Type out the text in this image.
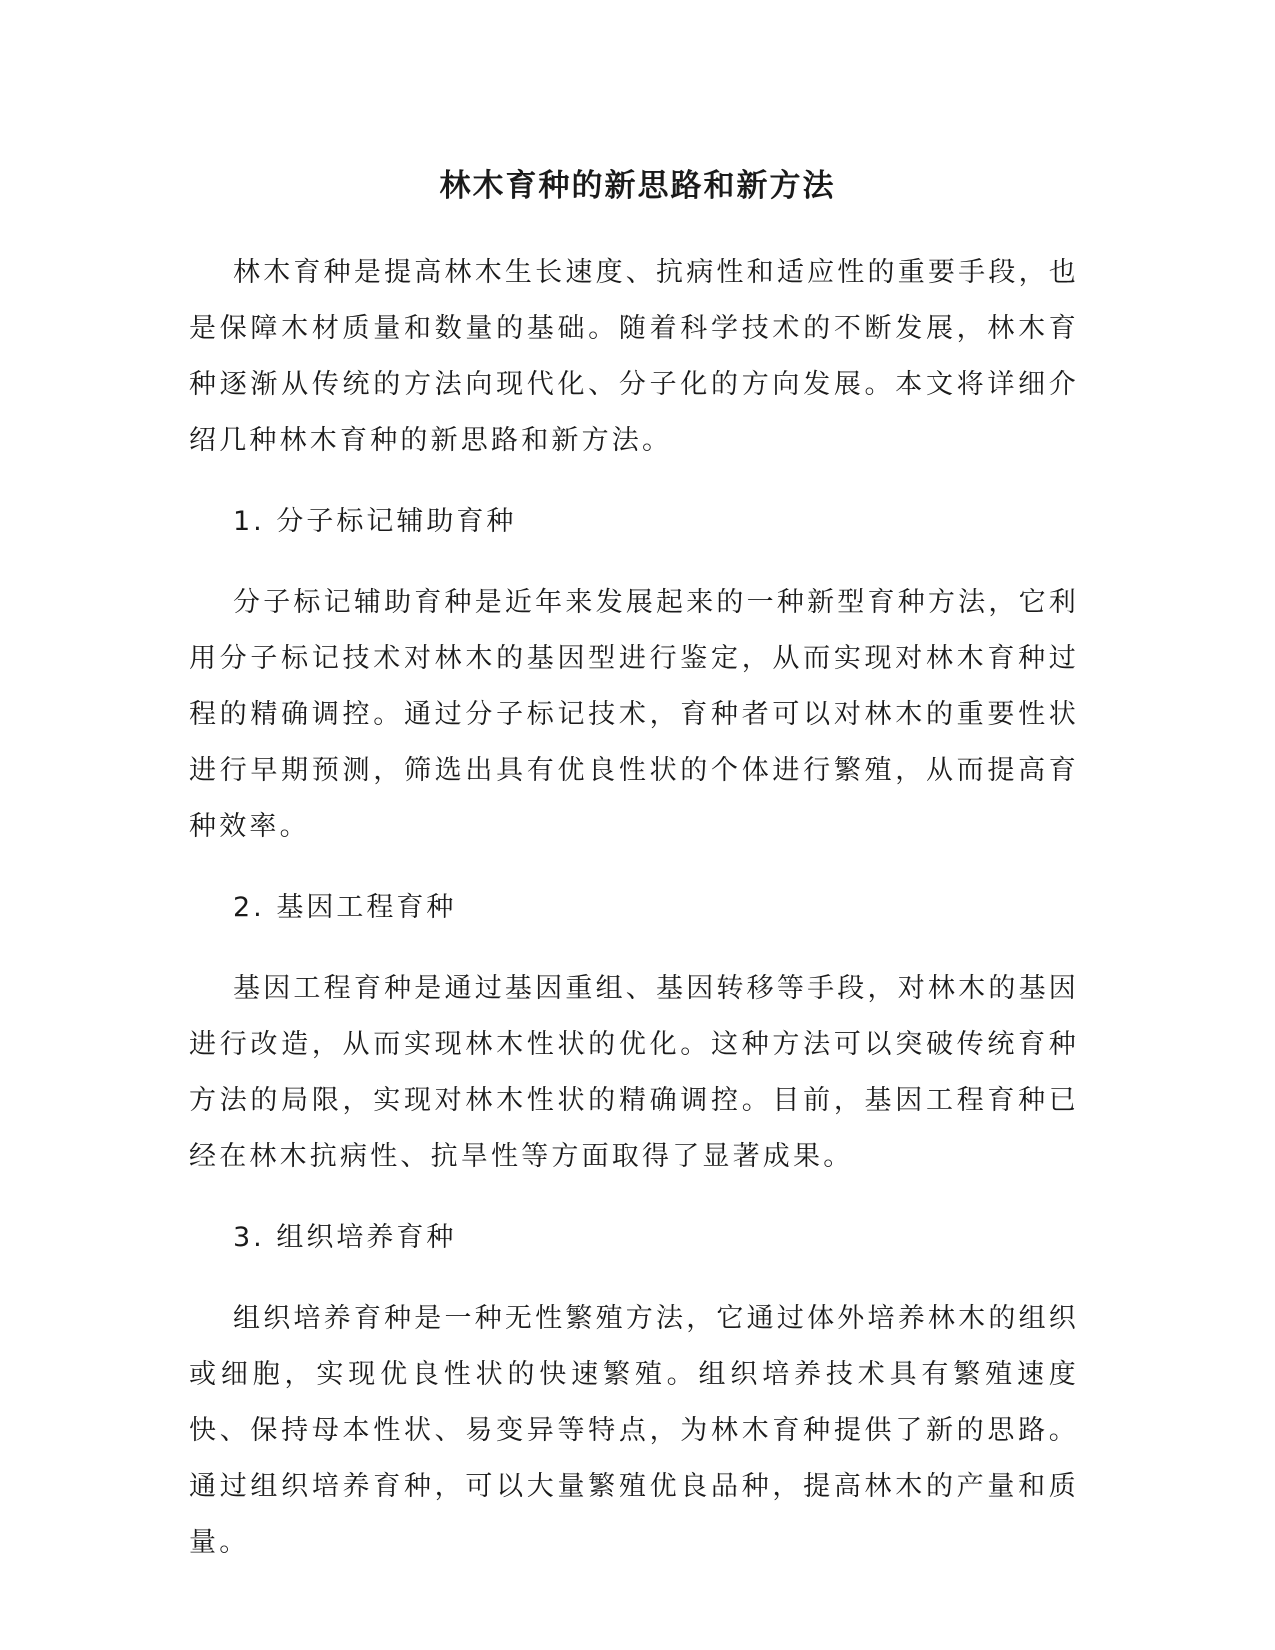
林木育种的新思路和新方法

林木育种是提高林木生长速度、抗病性和适应性的重要手段，也是保障木材质量和数量的基础。随着科学技术的不断发展，林木育种逐渐从传统的方法向现代化、分子化的方向发展。本文将详细介绍几种林木育种的新思路和新方法。

1. 分子标记辅助育种

分子标记辅助育种是近年来发展起来的一种新型育种方法，它利用分子标记技术对林木的基因型进行鉴定，从而实现对林木育种过程的精确调控。通过分子标记技术，育种者可以对林木的重要性状进行早期预测，筛选出具有优良性状的个体进行繁殖，从而提高育种效率。

2. 基因工程育种

基因工程育种是通过基因重组、基因转移等手段，对林木的基因进行改造，从而实现林木性状的优化。这种方法可以突破传统育种方法的局限，实现对林木性状的精确调控。目前，基因工程育种已经在林木抗病性、抗旱性等方面取得了显著成果。

3. 组织培养育种

组织培养育种是一种无性繁殖方法，它通过体外培养林木的组织或细胞，实现优良性状的快速繁殖。组织培养技术具有繁殖速度快、保持母本性状、易变异等特点，为林木育种提供了新的思路。通过组织培养育种，可以大量繁殖优良品种，提高林木的产量和质量。
